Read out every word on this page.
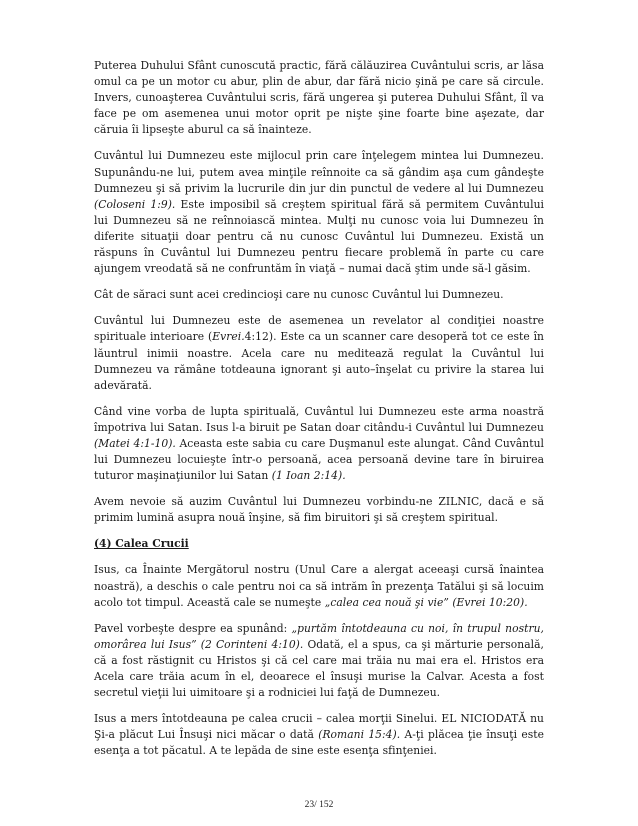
Puterea Duhului Sfânt cunoscută practic, fără călăuzirea Cuvântului scris, ar lăsa omul ca pe un motor cu abur, plin de abur, dar fără nicio şină pe care să circule. Invers, cunoaşterea Cuvântului scris, fără ungerea şi puterea Duhului Sfânt, îl va face pe om asemenea unui motor oprit pe nişte şine foarte bine aşezate, dar căruia îi lipseşte aburul ca să înainteze.

Cuvântul lui Dumnezeu este mijlocul prin care înţelegem mintea lui Dumnezeu. Supunându-ne lui, putem avea minţile reînnoite ca să gândim aşa cum gândeşte Dumnezeu şi să privim la lucrurile din jur din punctul de vedere al lui Dumnezeu (Coloseni 1:9). Este imposibil să creştem spiritual fără să permitem Cuvântului lui Dumnezeu să ne reînnoiască mintea. Mulţi nu cunosc voia lui Dumnezeu în diferite situaţii doar pentru că nu cunosc Cuvântul lui Dumnezeu. Există un răspuns în Cuvântul lui Dumnezeu pentru fiecare problemă în parte cu care ajungem vreodată să ne confruntăm în viaţă – numai dacă ştim unde să-l găsim.

Cât de săraci sunt acei credincioşi care nu cunosc Cuvântul lui Dumnezeu.

Cuvântul lui Dumnezeu este de asemenea un revelator al condiţiei noastre spirituale interioare (Evrei.4:12). Este ca un scanner care desoperă tot ce este în lăuntrul inimii noastre. Acela care nu meditează regulat la Cuvântul lui Dumnezeu va rămâne totdeauna ignorant şi auto–înşelat cu privire la starea lui adevărată.

Când vine vorba de lupta spirituală, Cuvântul lui Dumnezeu este arma noastră împotriva lui Satan. Isus l-a biruit pe Satan doar citându-i Cuvântul lui Dumnezeu (Matei 4:1-10). Aceasta este sabia cu care Duşmanul este alungat. Când Cuvântul lui Dumnezeu locuieşte într-o persoană, acea persoană devine tare în biruirea tuturor maşinaţiunilor lui Satan (1 Ioan 2:14).

Avem nevoie să auzim Cuvântul lui Dumnezeu vorbindu-ne ZILNIC, dacă e să primim lumină asupra nouă înşine, să fim biruitori şi să creştem spiritual.

(4) Calea Crucii

Isus, ca Înainte Mergătorul nostru (Unul Care a alergat aceeaşi cursă înaintea noastră), a deschis o cale pentru noi ca să intrăm în prezenţa Tatălui şi să locuim acolo tot timpul. Această cale se numeşte „calea cea nouă şi vie” (Evrei 10:20).

Pavel vorbeşte despre ea spunând: „purtăm întotdeauna cu noi, în trupul nostru, omorârea lui Isus” (2 Corinteni 4:10). Odată, el a spus, ca şi mărturie personală, că a fost răstignit cu Hristos şi că cel care mai trăia nu mai era el. Hristos era Acela care trăia acum în el, deoarece el însuşi murise la Calvar. Acesta a fost secretul vieţii lui uimitoare şi a rodniciei lui faţă de Dumnezeu.

Isus a mers întotdeauna pe calea crucii – calea morţii Sinelui. EL NICIODATĂ nu Şi-a plăcut Lui Însuşi nici măcar o dată (Romani 15:4). A-ţi plăcea ţie însuţi este esenţa a tot păcatul. A te lepăda de sine este esenţa sfinţeniei.

23/ 152
